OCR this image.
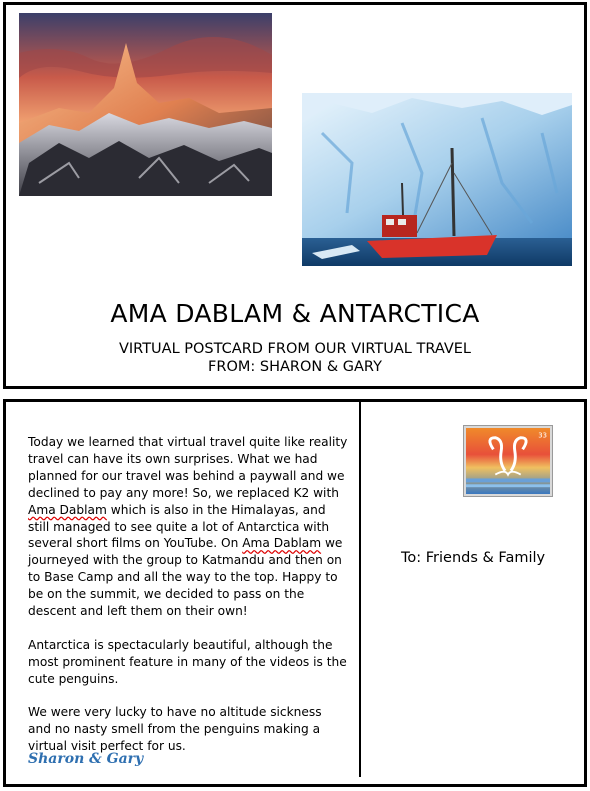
AMA DABLAM & ANTARCTICA
VIRTUAL POSTCARD FROM OUR VIRTUAL TRAVEL
FROM: SHARON & GARY

Today we learned that virtual travel quite like reality travel can have its own surprises. What we had planned for our travel was behind a paywall and we declined to pay any more! So, we replaced K2 with Ama Dablam which is also in the Himalayas, and still managed to see quite a lot of Antarctica with several short films on YouTube. On Ama Dablam we journeyed with the group to Katmandu and then on to Base Camp and all the way to the top. Happy to be on the summit, we decided to pass on the descent and left them on their own!

Antarctica is spectacularly beautiful, although the most prominent feature in many of the videos is the cute penguins.

We were very lucky to have no altitude sickness and no nasty smell from the penguins making a virtual visit perfect for us.

Sharon & Gary
33
To: Friends & Family
